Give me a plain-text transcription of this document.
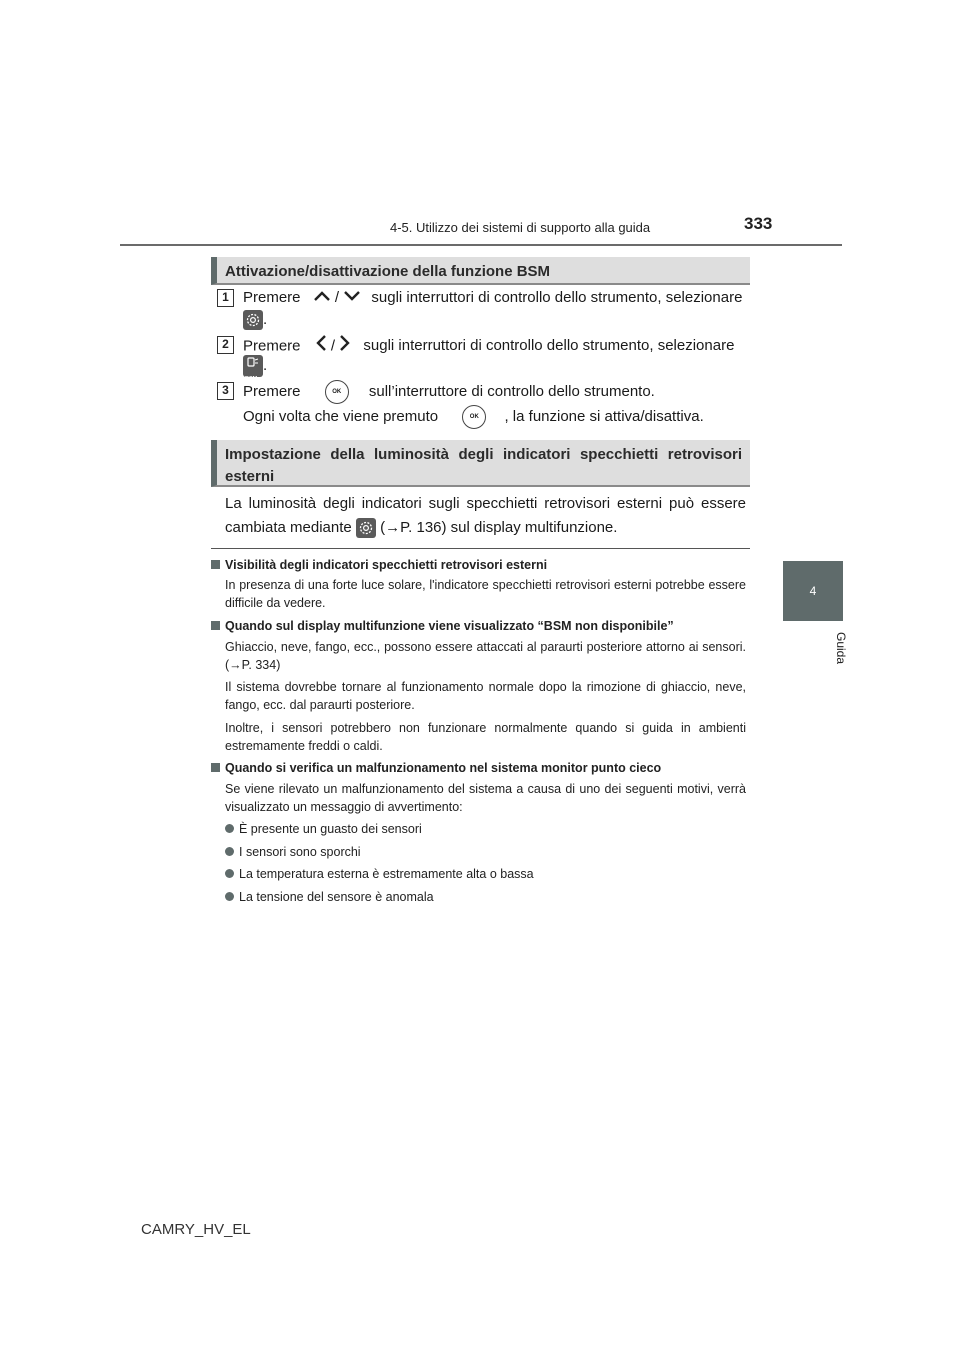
4-5. Utilizzo dei sistemi di supporto alla guida	333
4
Guida
Attivazione/disattivazione della funzione BSM
1 Premere / sugli interruttori di controllo dello strumento, selezionare
.
2 Premere / sugli interruttori di controllo dello strumento, selezionare
BSM
.
3 Premere	OK sull’interruttore di controllo dello strumento.
Ogni volta che viene premuto	OK , la funzione si attiva/disattiva.
Impostazione della luminosità degli indicatori specchietti retrovisori
esterni
La luminosità degli indicatori sugli specchietti retrovisori esterni può essere
cambiata mediante (→P. 136) sul display multifunzione.
Visibilità degli indicatori specchietti retrovisori esterni
In presenza di una forte luce solare, l'indicatore specchietti retrovisori esterni potrebbe essere difficile da vedere.
Quando sul display multifunzione viene visualizzato “BSM non disponibile”
Ghiaccio, neve, fango, ecc., possono essere attaccati al paraurti posteriore attorno ai sensori. (→P. 334)
Il sistema dovrebbe tornare al funzionamento normale dopo la rimozione di ghiaccio, neve, fango, ecc. dal paraurti posteriore.
Inoltre, i sensori potrebbero non funzionare normalmente quando si guida in ambienti estremamente freddi o caldi.
Quando si verifica un malfunzionamento nel sistema monitor punto cieco
Se viene rilevato un malfunzionamento del sistema a causa di uno dei seguenti motivi, verrà visualizzato un messaggio di avvertimento:
È presente un guasto dei sensori
I sensori sono sporchi
La temperatura esterna è estremamente alta o bassa
La tensione del sensore è anomala
CAMRY_HV_EL
